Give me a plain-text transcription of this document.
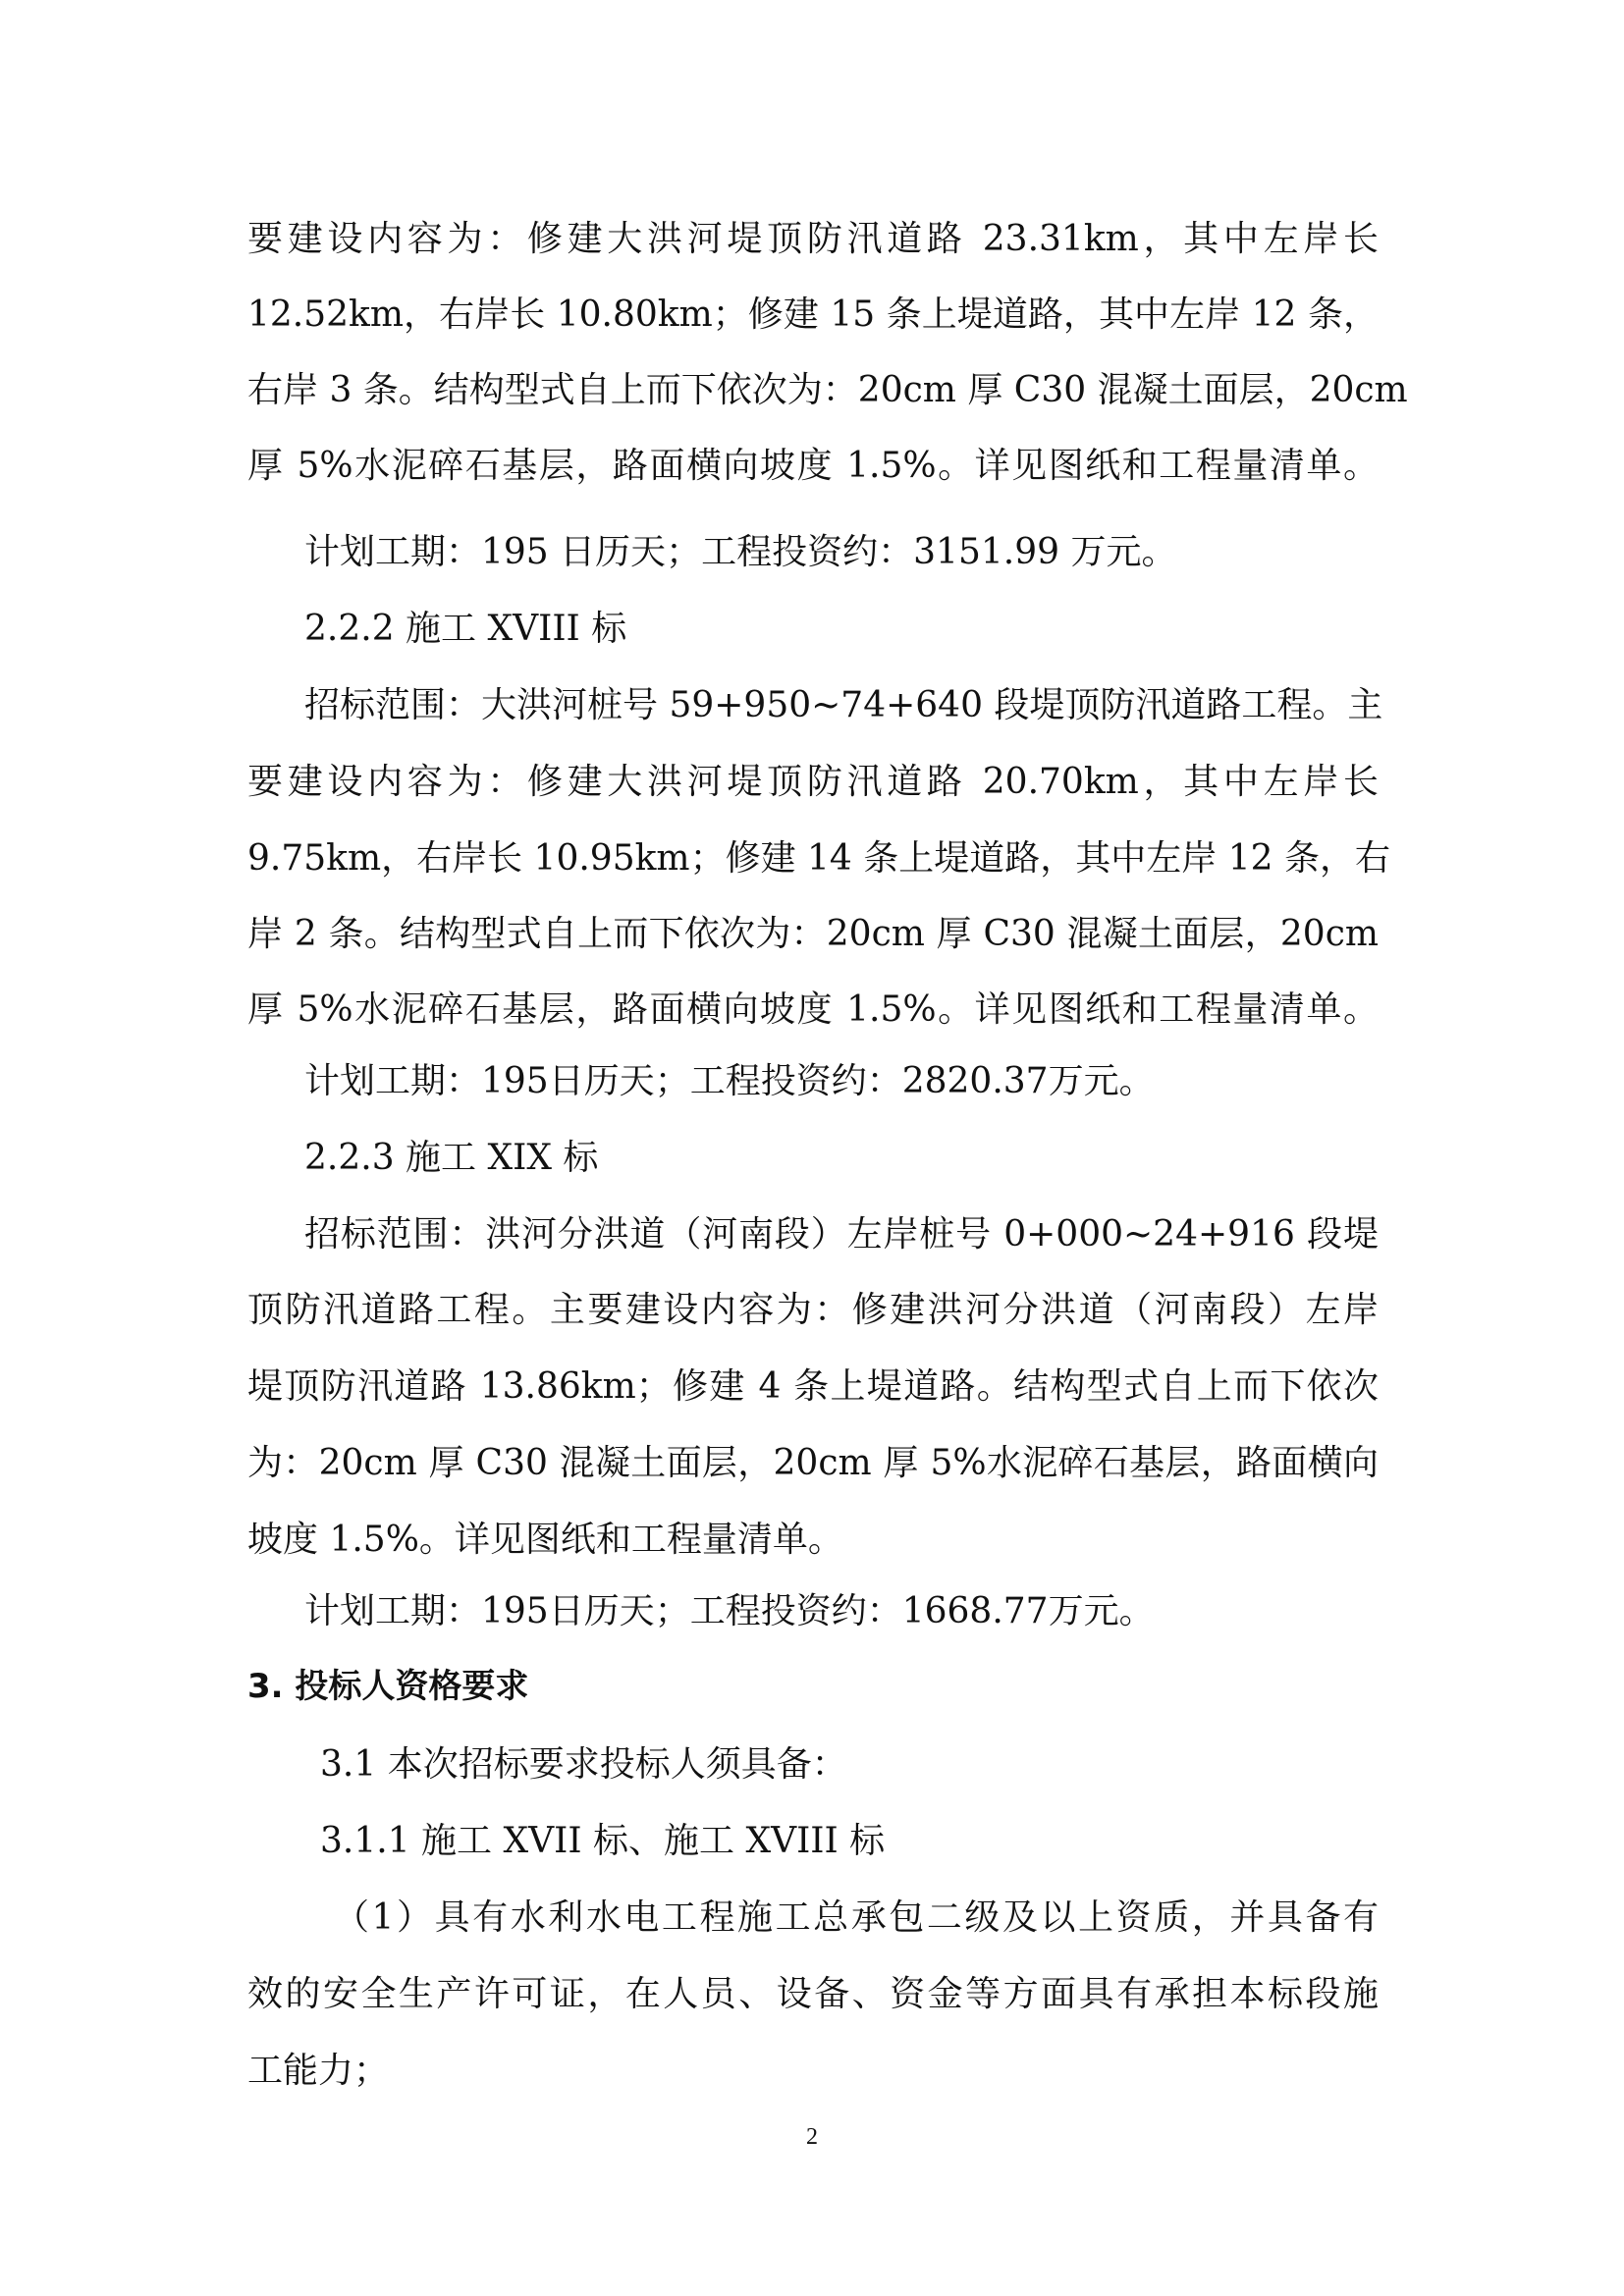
要建设内容为：修建大洪河堤顶防汛道路 23.31km，其中左岸长
12.52km，右岸长 10.80km；修建 15 条上堤道路，其中左岸 12 条，
右岸 3 条。结构型式自上而下依次为：20cm 厚 C30 混凝土面层，20cm
厚 5%水泥碎石基层，路面横向坡度 1.5%。详见图纸和工程量清单。
计划工期：195 日历天；工程投资约：3151.99 万元。
2.2.2 施工 XVIII 标
招标范围：大洪河桩号 59+950~74+640 段堤顶防汛道路工程。主
要建设内容为：修建大洪河堤顶防汛道路 20.70km，其中左岸长
9.75km，右岸长 10.95km；修建 14 条上堤道路，其中左岸 12 条，右
岸 2 条。结构型式自上而下依次为：20cm 厚 C30 混凝土面层，20cm
厚 5%水泥碎石基层，路面横向坡度 1.5%。详见图纸和工程量清单。
计划工期：195日历天；工程投资约：2820.37万元。
2.2.3 施工 XIX 标
招标范围：洪河分洪道（河南段）左岸桩号 0+000~24+916 段堤
顶防汛道路工程。主要建设内容为：修建洪河分洪道（河南段）左岸
堤顶防汛道路 13.86km；修建 4 条上堤道路。结构型式自上而下依次
为：20cm 厚 C30 混凝土面层，20cm 厚 5%水泥碎石基层，路面横向
坡度 1.5%。详见图纸和工程量清单。
计划工期：195日历天；工程投资约：1668.77万元。
3. 投标人资格要求
3.1 本次招标要求投标人须具备：
3.1.1 施工 XVII 标、施工 XVIII 标
（1）具有水利水电工程施工总承包二级及以上资质，并具备有
效的安全生产许可证，在人员、设备、资金等方面具有承担本标段施
工能力；
2
